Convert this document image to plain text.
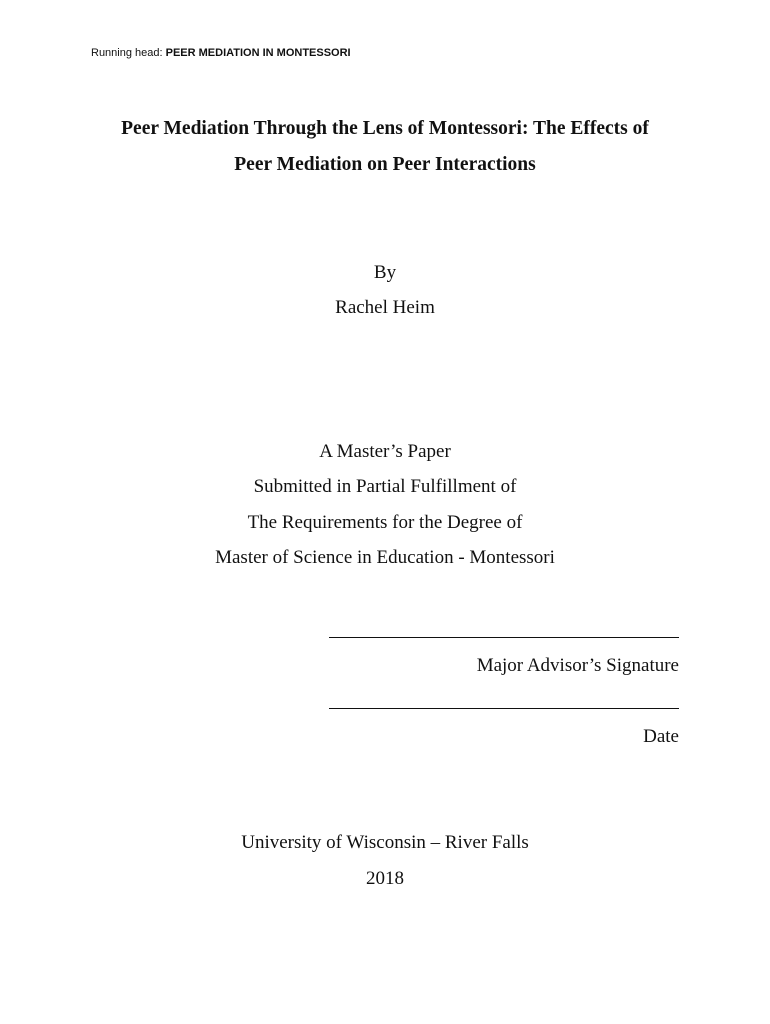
Running head: PEER MEDIATION IN MONTESSORI
Peer Mediation Through the Lens of Montessori: The Effects of
Peer Mediation on Peer Interactions
By
Rachel Heim
A Master’s Paper
Submitted in Partial Fulfillment of
The Requirements for the Degree of
Master of Science in Education - Montessori
Major Advisor’s Signature
Date
University of Wisconsin – River Falls
2018
